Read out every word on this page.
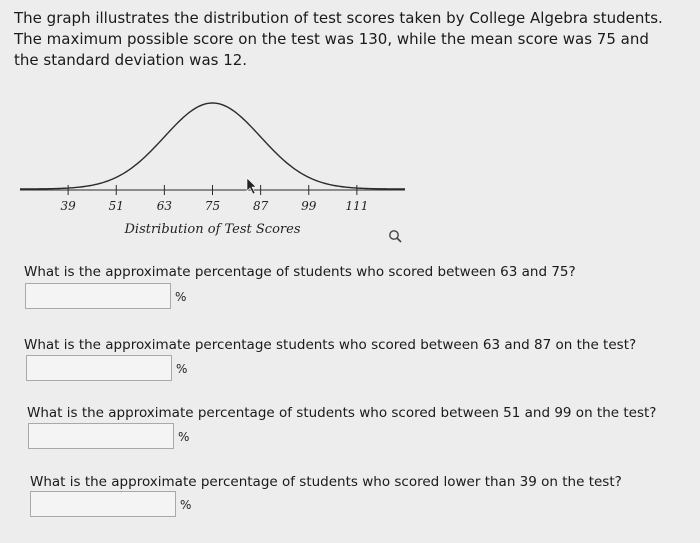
The graph illustrates the distribution of test scores taken by College Algebra students. The maximum possible score on the test was 130, while the mean score was 75 and the standard deviation was 12.

39	51	63	75	87	99 111
Distribution of Test Scores

What is the approximate percentage of students who scored between 63 and 75?

%

What is the approximate percentage students who scored between 63 and 87 on the test?

%

What is the approximate percentage of students who scored between 51 and 99 on the test?

%

What is the approximate percentage of students who scored lower than 39 on the test?

%
